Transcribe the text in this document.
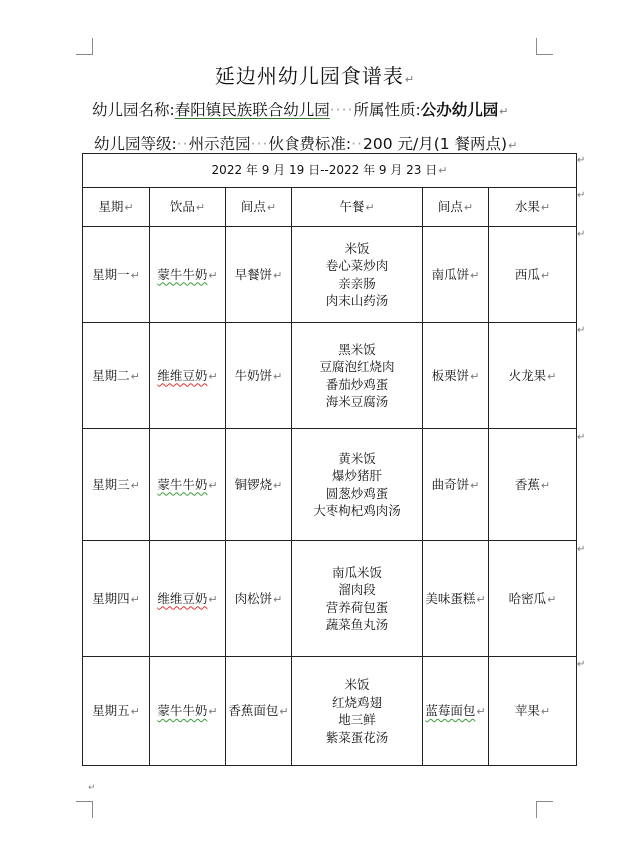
延边州幼儿园食谱表↵
幼儿园名称:春阳镇民族联合幼儿园····所属性质:公办幼儿园↵
幼儿园等级:··州示范园···伙食费标准:··200 元/月(1 餐两点)↵
2022 年 9 月 19 日--2022 年 9 月 23 日↵					
星期↵	饮品↵	间点↵	午餐↵	间点↵	水果↵
星期一↵	蒙牛牛奶↵	早餐饼↵	米饭
卷心菜炒肉
亲亲肠
肉末山药汤	南瓜饼↵	西瓜↵
星期二↵	维维豆奶↵	牛奶饼↵	黑米饭
豆腐泡红烧肉
番茄炒鸡蛋
海米豆腐汤	板栗饼↵	火龙果↵
星期三↵	蒙牛牛奶↵	铜锣烧↵	黄米饭
爆炒猪肝
圆葱炒鸡蛋
大枣枸杞鸡肉汤	曲奇饼↵	香蕉↵
星期四↵	维维豆奶↵	肉松饼↵	南瓜米饭
溜肉段
营养荷包蛋
蔬菜鱼丸汤	美味蛋糕↵	哈密瓜↵
星期五↵	蒙牛牛奶↵	香蕉面包↵	米饭
红烧鸡翅
地三鲜
紫菜蛋花汤	蓝莓面包↵	苹果↵
↵
↵
↵
↵
↵
↵
↵
↵
